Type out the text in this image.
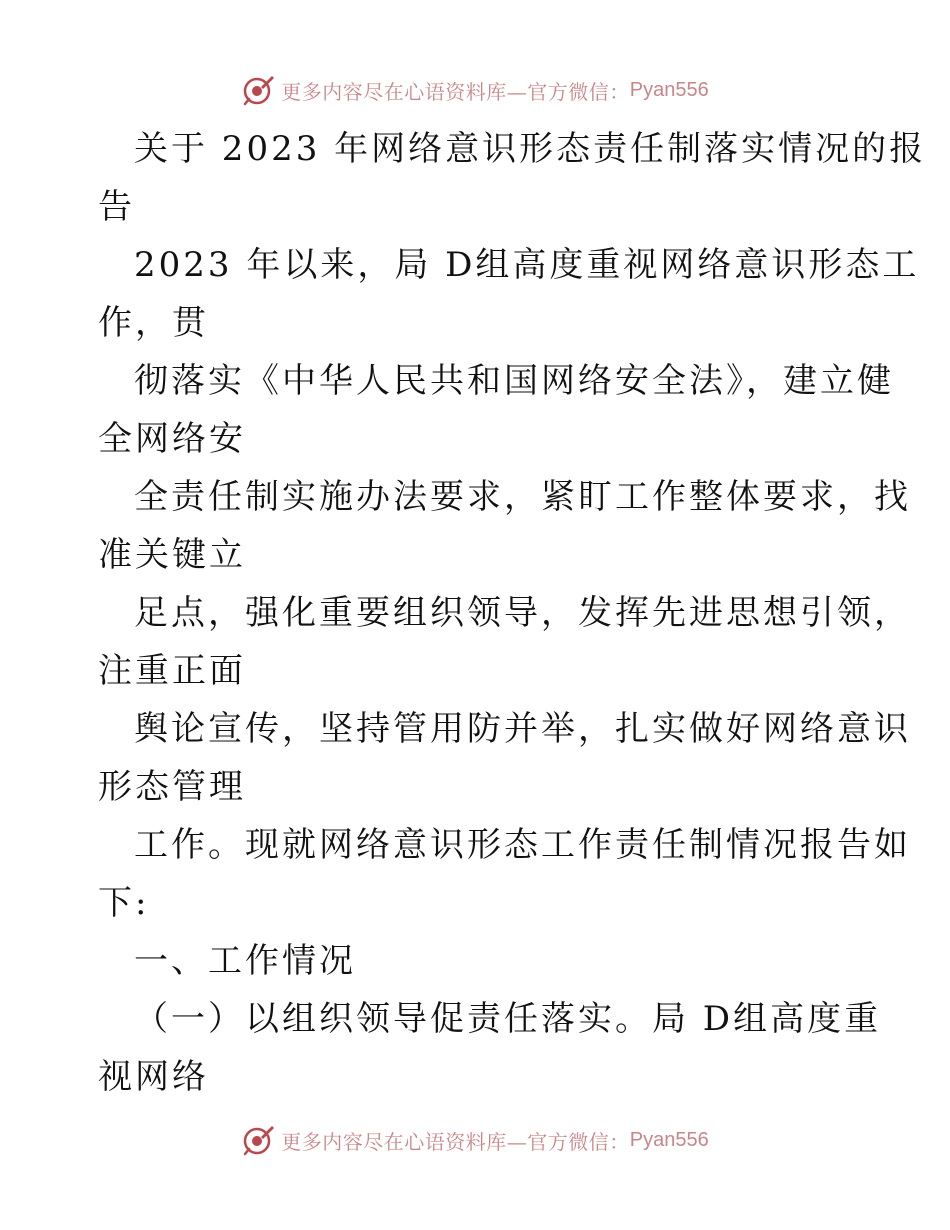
更多内容尽在心语资料库—官方微信： Pyan556
关于 2023 年网络意识形态责任制落实情况的报
告
2023 年以来，局 D组高度重视网络意识形态工
作，贯
彻落实《中华人民共和国网络安全法》，建立健
全网络安
全责任制实施办法要求，紧盯工作整体要求，找
准关键立
足点，强化重要组织领导，发挥先进思想引领，
注重正面
舆论宣传，坚持管用防并举，扎实做好网络意识
形态管理
工作。现就网络意识形态工作责任制情况报告如
下:
一、工作情况
（一）以组织领导促责任落实。局 D组高度重
视网络
更多内容尽在心语资料库—官方微信： Pyan556
